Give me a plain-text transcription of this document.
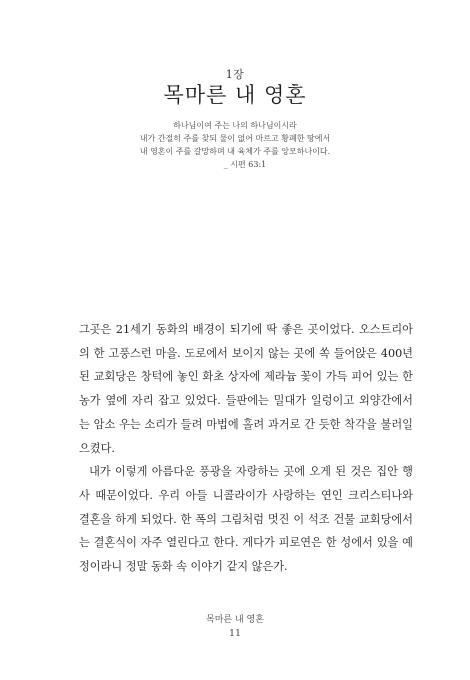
1장
목마른 내 영혼
하나님이여 주는 나의 하나님이시라
내가 간절히 주를 찾되 물이 없어 마르고 황폐한 땅에서
내 영혼이 주를 갈망하며 내 육체가 주를 앙모하나이다.
_ 시편 63:1

그곳은 21세기 동화의 배경이 되기에 딱 좋은 곳이었다. 오스트리아의 한 고풍스런 마을. 도로에서 보이지 않는 곳에 쏙 들어앉은 400년 된 교회당은 창턱에 놓인 화초 상자에 제라늄 꽃이 가득 피어 있는 한 농가 옆에 자리 잡고 있었다. 들판에는 밀대가 일렁이고 외양간에서는 암소 우는 소리가 들려 마법에 홀려 과거로 간 듯한 착각을 불러일으켰다.

내가 이렇게 아름다운 풍광을 자랑하는 곳에 오게 된 것은 집안 행사 때문이었다. 우리 아들 니콜라이가 사랑하는 연인 크리스티나와 결혼을 하게 되었다. 한 폭의 그림처럼 멋진 이 석조 건물 교회당에서는 결혼식이 자주 열린다고 한다. 게다가 피로연은 한 성에서 있을 예정이라니 정말 동화 속 이야기 같지 않은가.

목마른 내 영혼
11
